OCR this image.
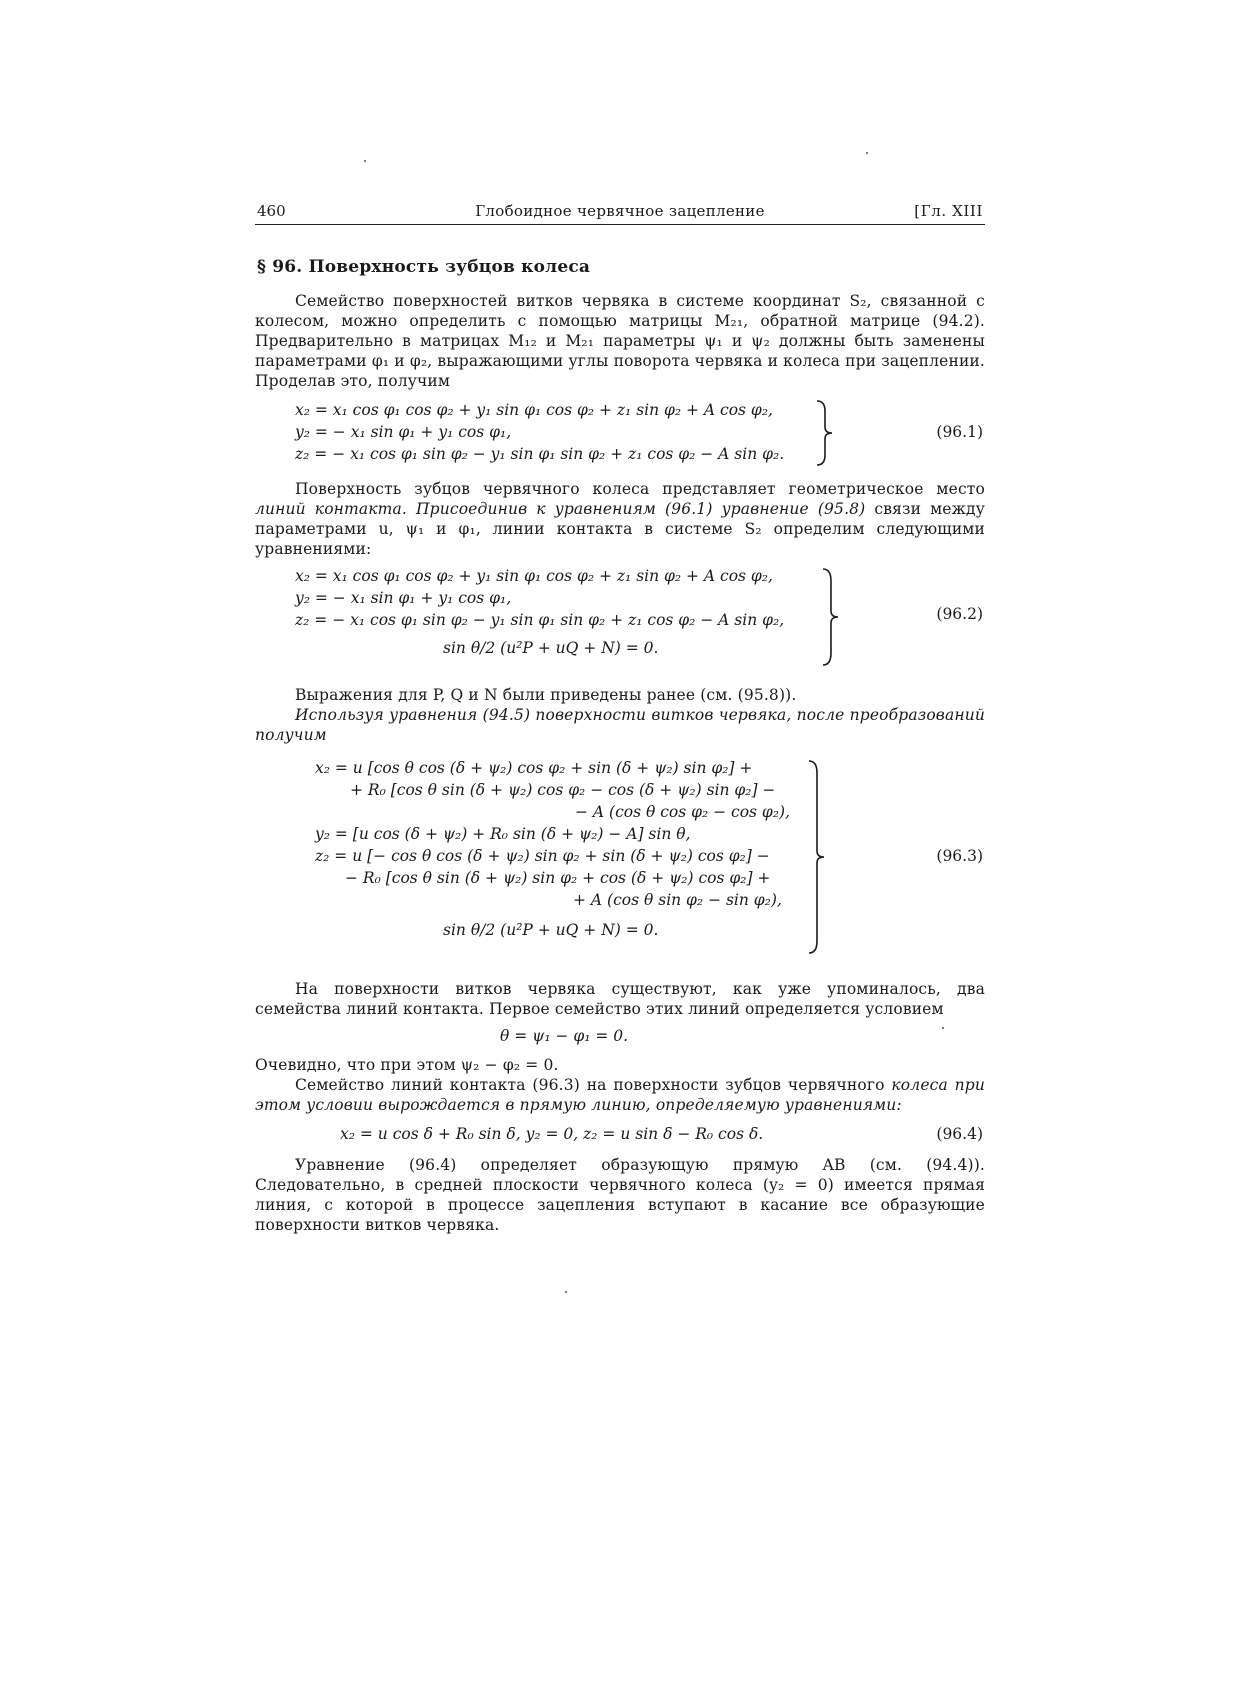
460	Глобоидное червячное зацепление	[Гл. XIII
§ 96. Поверхность зубцов колеса

Семейство поверхностей витков червяка в системе координат S₂, связанной с колесом, можно определить с помощью матрицы M₂₁, обратной матрице (94.2). Предварительно в матрицах M₁₂ и M₂₁ параметры ψ₁ и ψ₂ должны быть заменены параметрами φ₁ и φ₂, выражающими углы поворота червяка и колеса при зацеплении. Проделав это, получим

x₂ = x₁ cos φ₁ cos φ₂ + y₁ sin φ₁ cos φ₂ + z₁ sin φ₂ + A cos φ₂,
y₂ = − x₁ sin φ₁ + y₁ cos φ₁,
z₂ = − x₁ cos φ₁ sin φ₂ − y₁ sin φ₁ sin φ₂ + z₁ cos φ₂ − A sin φ₂.
(96.1)

Поверхность зубцов червячного колеса представляет геометрическое место линий контакта. Присоединив к уравнениям (96.1) уравнение (95.8) связи между параметрами u, ψ₁ и φ₁, линии контакта в системе S₂ определим следующими уравнениями:

x₂ = x₁ cos φ₁ cos φ₂ + y₁ sin φ₁ cos φ₂ + z₁ sin φ₂ + A cos φ₂,
y₂ = − x₁ sin φ₁ + y₁ cos φ₁,
z₂ = − x₁ cos φ₁ sin φ₂ − y₁ sin φ₁ sin φ₂ + z₁ cos φ₂ − A sin φ₂,
sin θ/2 (u²P + uQ + N) = 0.
(96.2)

Выражения для P, Q и N были приведены ранее (см. (95.8)).

Используя уравнения (94.5) поверхности витков червяка, после преобразований получим

x₂ = u [cos θ cos (δ + ψ₂) cos φ₂ + sin (δ + ψ₂) sin φ₂] +
+ R₀ [cos θ sin (δ + ψ₂) cos φ₂ − cos (δ + ψ₂) sin φ₂] −
− A (cos θ cos φ₂ − cos φ₂),
y₂ = [u cos (δ + ψ₂) + R₀ sin (δ + ψ₂) − A] sin θ,
z₂ = u [− cos θ cos (δ + ψ₂) sin φ₂ + sin (δ + ψ₂) cos φ₂] −
− R₀ [cos θ sin (δ + ψ₂) sin φ₂ + cos (δ + ψ₂) cos φ₂] +
+ A (cos θ sin φ₂ − sin φ₂),
sin θ/2 (u²P + uQ + N) = 0.
(96.3)

На поверхности витков червяка существуют, как уже упоминалось, два семейства линий контакта. Первое семейство этих линий определяется условием

θ = ψ₁ − φ₁ = 0.

Очевидно, что при этом ψ₂ − φ₂ = 0.

Семейство линий контакта (96.3) на поверхности зубцов червячного колеса при этом условии вырождается в прямую линию, определяемую уравнениями:

x₂ = u cos δ + R₀ sin δ, y₂ = 0, z₂ = u sin δ − R₀ cos δ.	(96.4)

Уравнение (96.4) определяет образующую прямую AB (см. (94.4)). Следовательно, в средней плоскости червячного колеса (y₂ = 0) имеется прямая линия, с которой в процессе зацепления вступают в касание все образующие поверхности витков червяка.
